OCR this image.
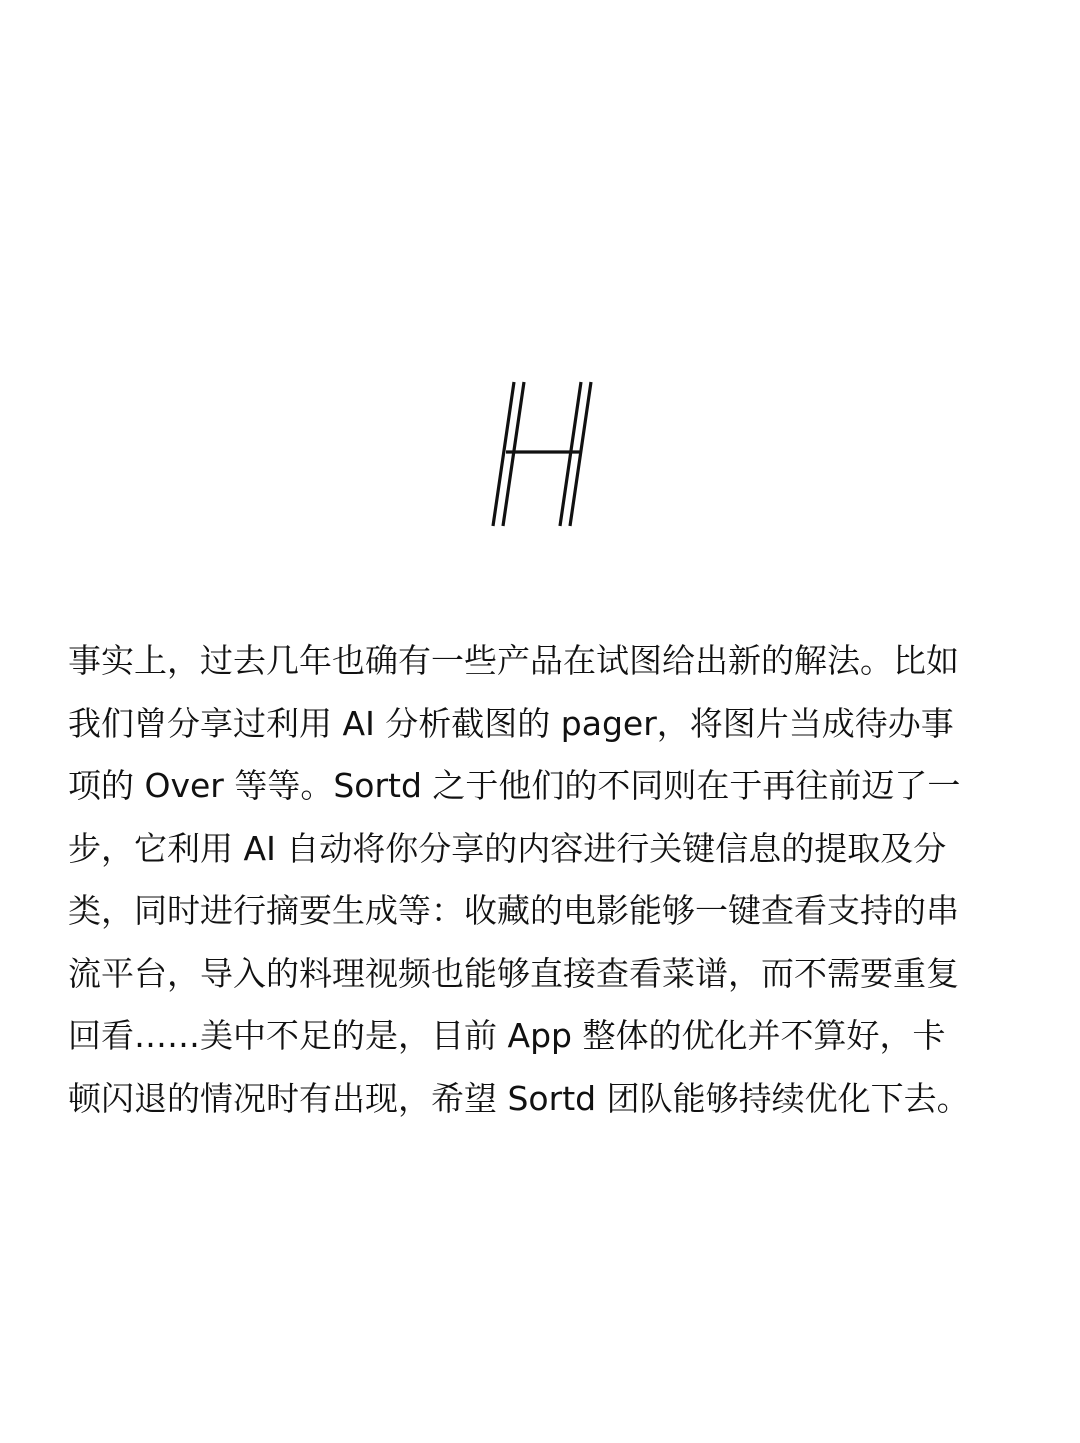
事实上，过去几年也确有一些产品在试图给出新的解法。比如
我们曾分享过利用 AI 分析截图的 pager，将图片当成待办事
项的 Over 等等。Sortd 之于他们的不同则在于再往前迈了一
步，它利用 AI 自动将你分享的内容进行关键信息的提取及分
类，同时进行摘要生成等：收藏的电影能够一键查看支持的串
流平台，导入的料理视频也能够直接查看菜谱，而不需要重复
回看……美中不足的是，目前 App 整体的优化并不算好，卡
顿闪退的情况时有出现，希望 Sortd 团队能够持续优化下去。
